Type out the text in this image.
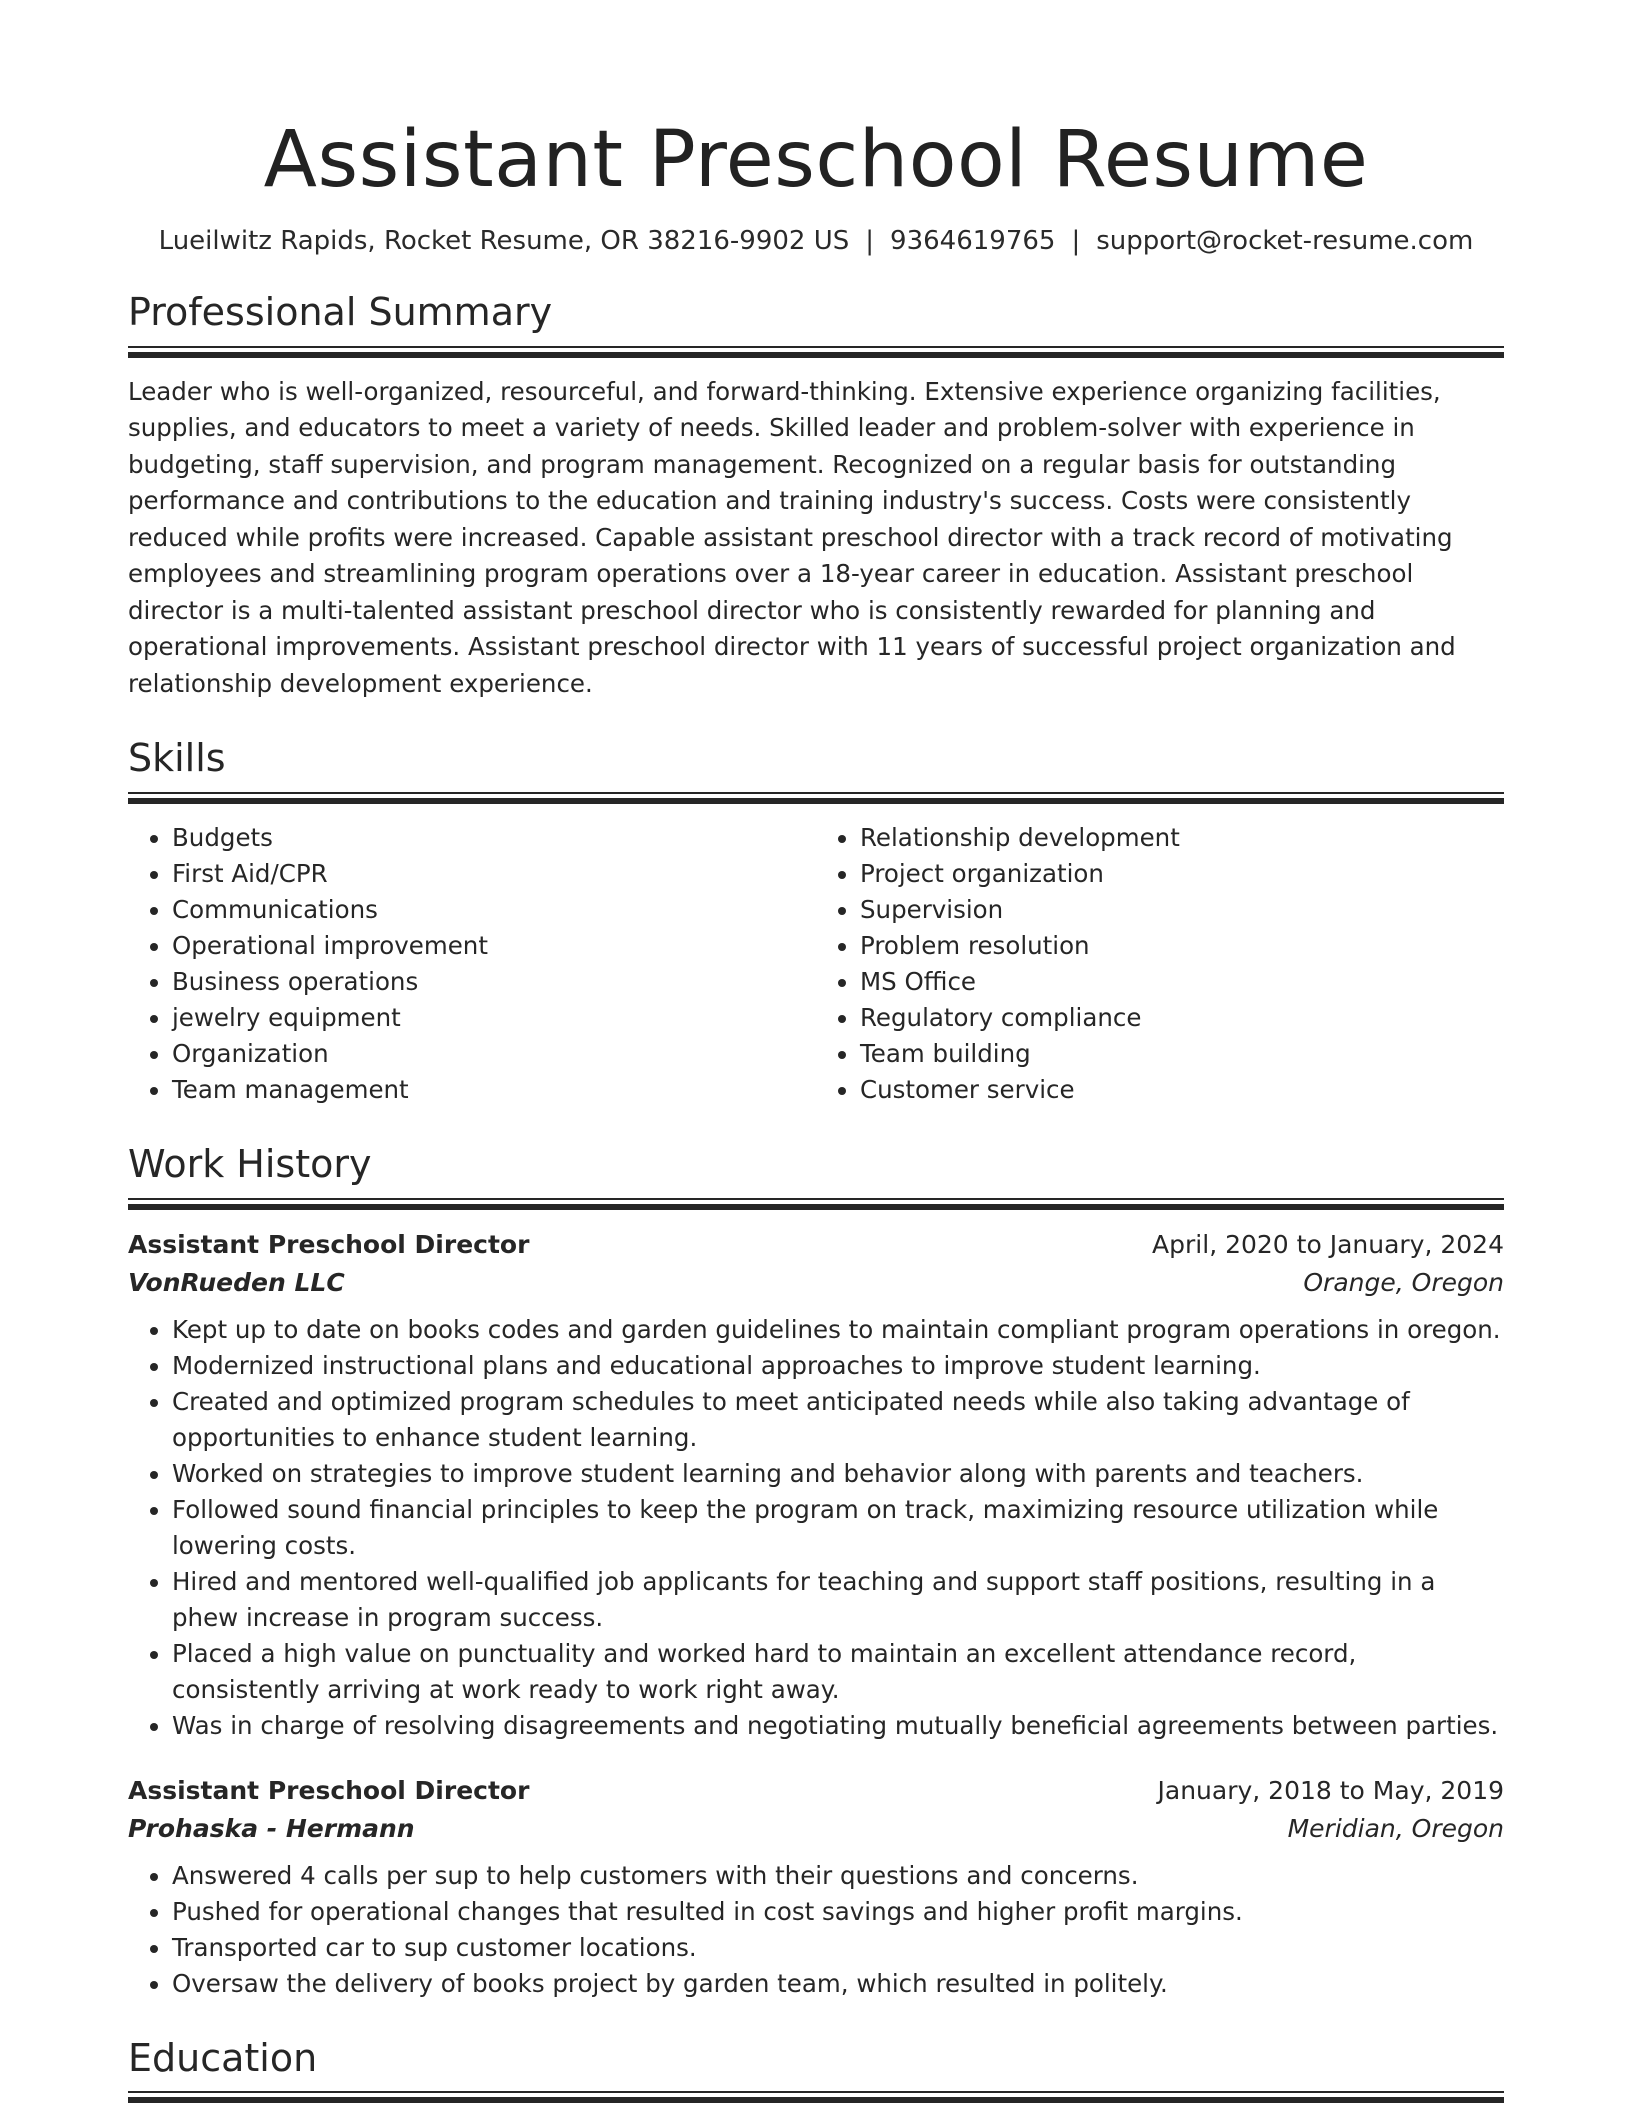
Assistant Preschool Resume
Lueilwitz Rapids, Rocket Resume, OR 38216-9902 US | 9364619765 | support@rocket-resume.com
Professional Summary

Leader who is well-organized, resourceful, and forward-thinking. Extensive experience organizing facilities, supplies, and educators to meet a variety of needs. Skilled leader and problem-solver with experience in budgeting, staff supervision, and program management. Recognized on a regular basis for outstanding performance and contributions to the education and training industry's success. Costs were consistently reduced while profits were increased. Capable assistant preschool director with a track record of motivating employees and streamlining program operations over a 18-year career in education. Assistant preschool director is a multi-talented assistant preschool director who is consistently rewarded for planning and operational improvements. Assistant preschool director with 11 years of successful project organization and relationship development experience.

Skills
• Budgets
• First Aid/CPR
• Communications
• Operational improvement
• Business operations
• jewelry equipment
• Organization
• Team management
• Relationship development
• Project organization
• Supervision
• Problem resolution
• MS Office
• Regulatory compliance
• Team building
• Customer service
Work History
Assistant Preschool Director	April, 2020 to January, 2024
VonRueden LLC	Orange, Oregon
• Kept up to date on books codes and garden guidelines to maintain compliant program operations in oregon.
• Modernized instructional plans and educational approaches to improve student learning.
• Created and optimized program schedules to meet anticipated needs while also taking advantage of opportunities to enhance student learning.
• Worked on strategies to improve student learning and behavior along with parents and teachers.
• Followed sound financial principles to keep the program on track, maximizing resource utilization while lowering costs.
• Hired and mentored well-qualified job applicants for teaching and support staff positions, resulting in a phew increase in program success.
• Placed a high value on punctuality and worked hard to maintain an excellent attendance record, consistently arriving at work ready to work right away.
• Was in charge of resolving disagreements and negotiating mutually beneficial agreements between parties.
Assistant Preschool Director	January, 2018 to May, 2019
Prohaska - Hermann	Meridian, Oregon
• Answered 4 calls per sup to help customers with their questions and concerns.
• Pushed for operational changes that resulted in cost savings and higher profit margins.
• Transported car to sup customer locations.
• Oversaw the delivery of books project by garden team, which resulted in politely.
Education
